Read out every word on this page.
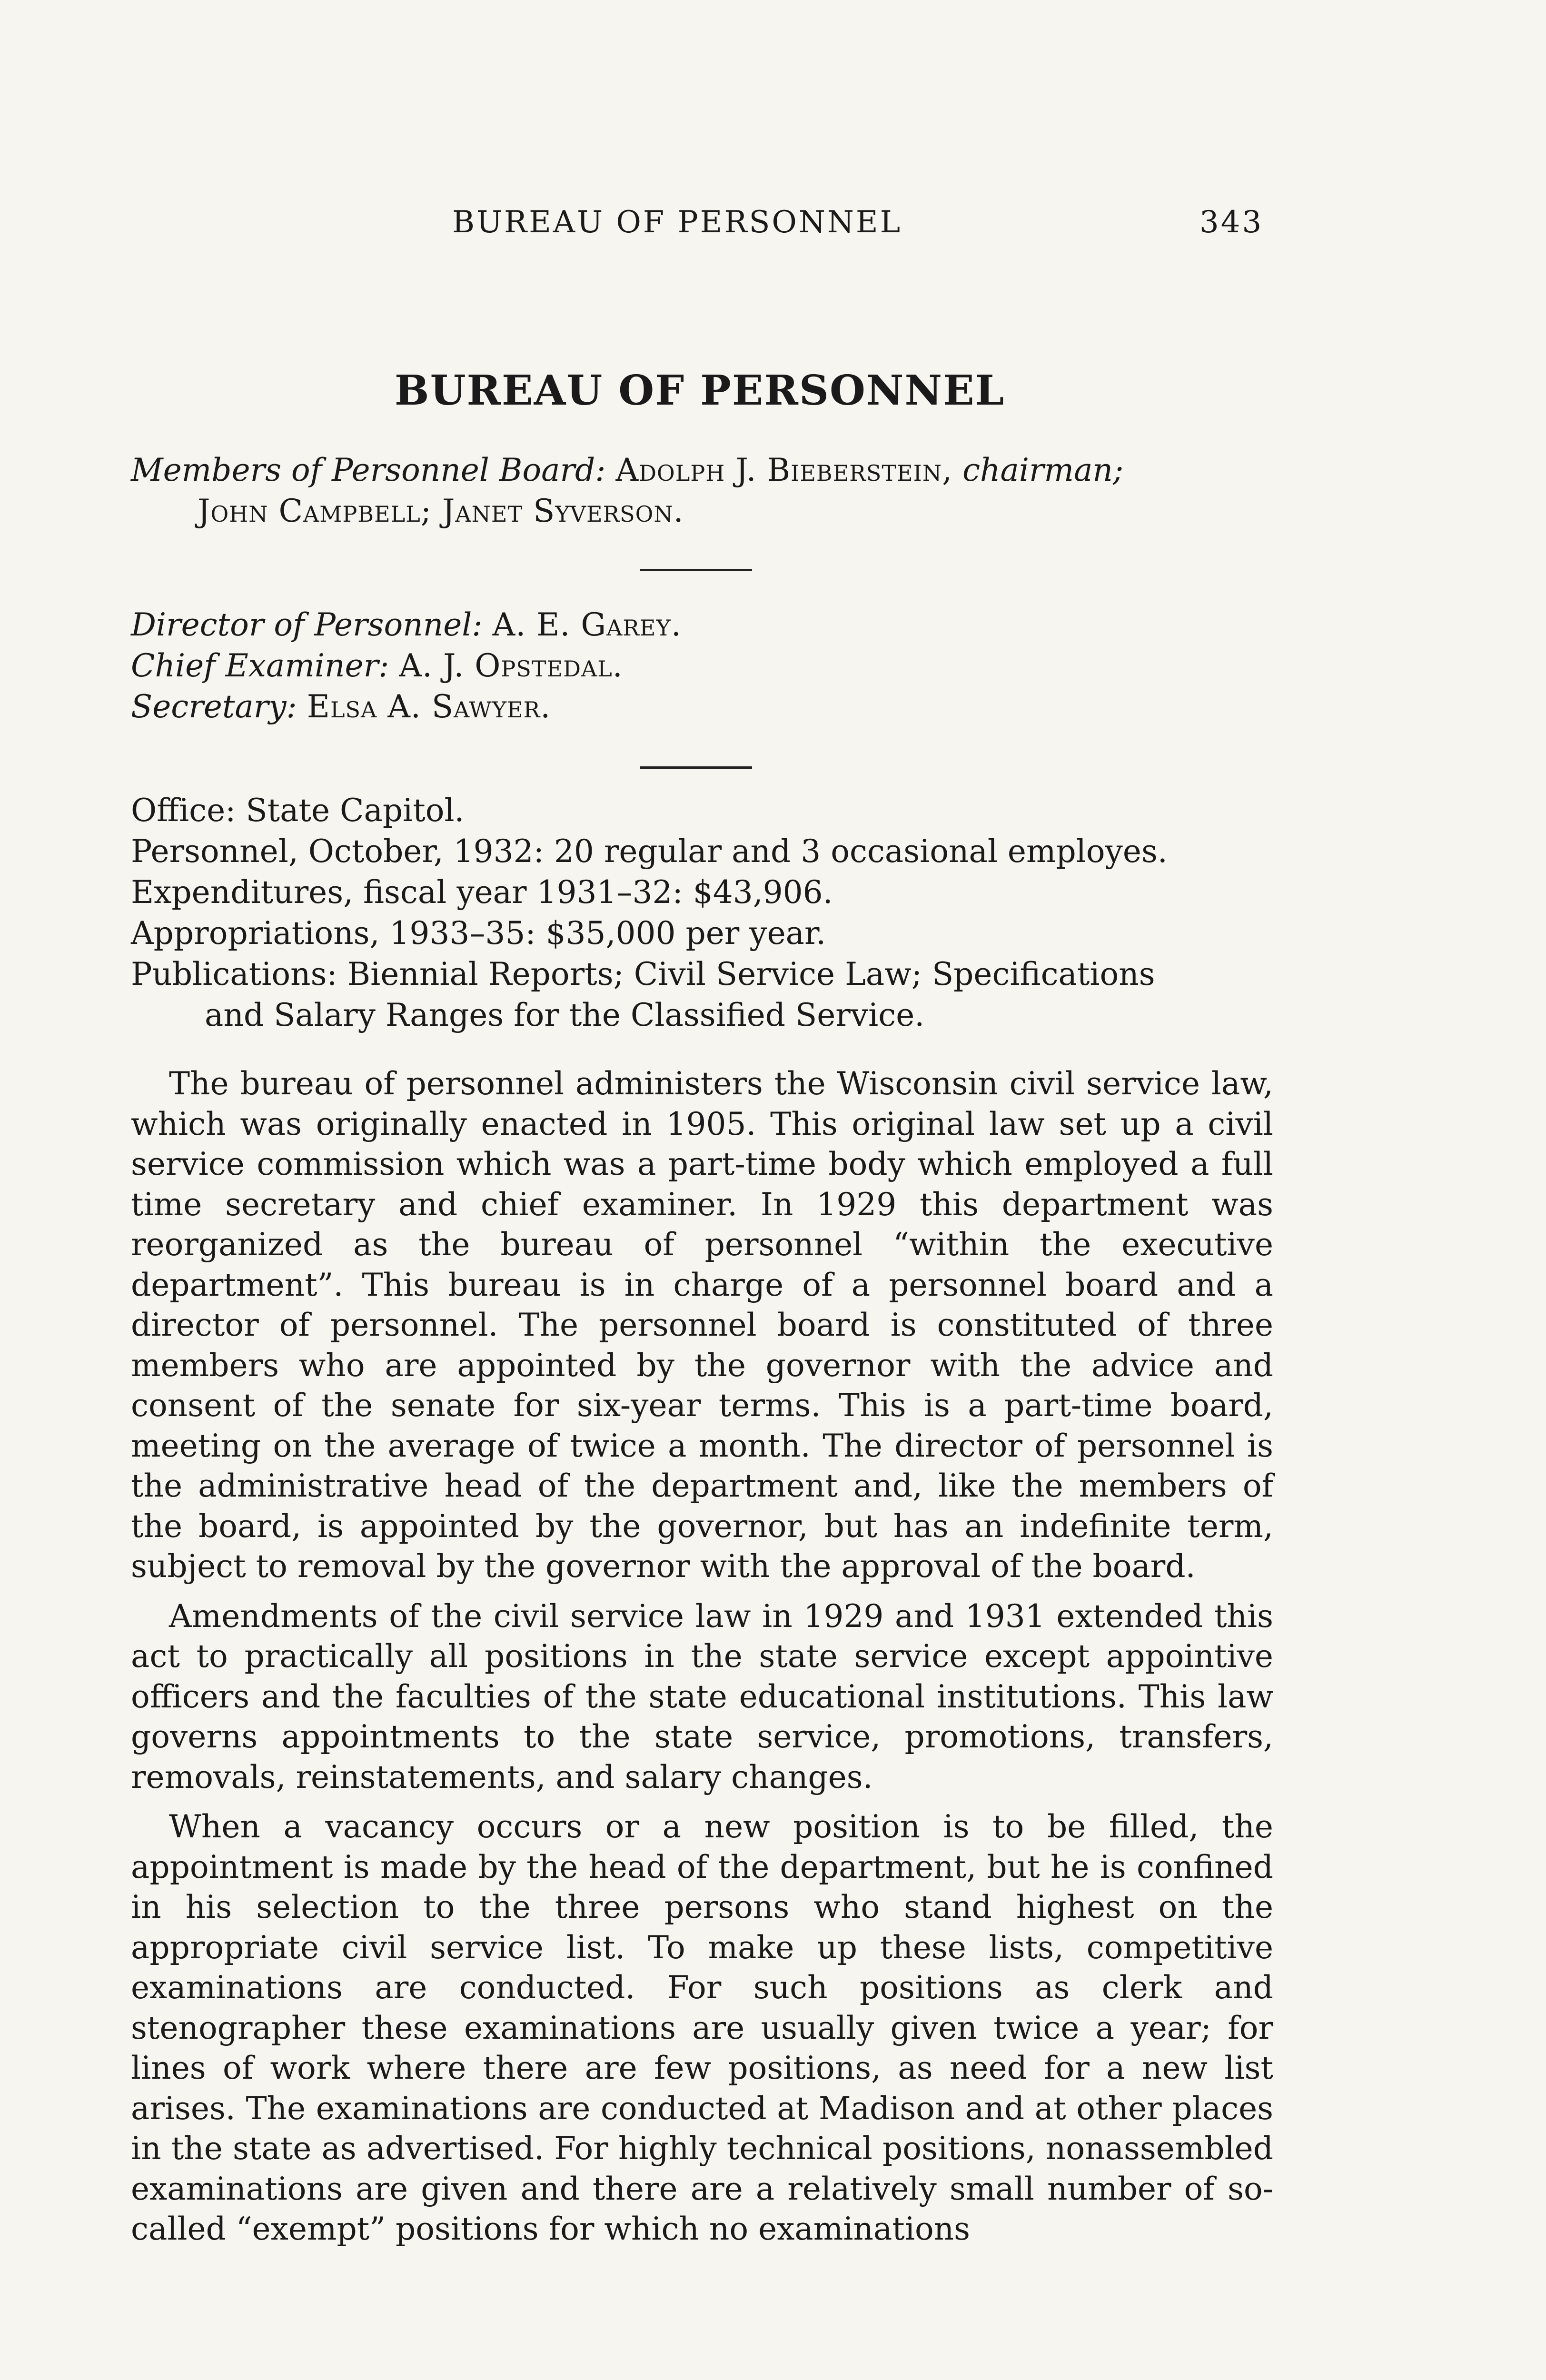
BUREAU OF PERSONNEL	343
BUREAU OF PERSONNEL
Members of Personnel Board: Adolph J. Bieberstein, chairman;
John Campbell; Janet Syverson.
Director of Personnel: A. E. Garey.
Chief Examiner: A. J. Opstedal.
Secretary: Elsa A. Sawyer.
Office: State Capitol.
Personnel, October, 1932: 20 regular and 3 occasional employes.
Expenditures, fiscal year 1931–32: $43,906.
Appropriations, 1933–35: $35,000 per year.
Publications: Biennial Reports; Civil Service Law; Specifications
and Salary Ranges for the Classified Service.

The bureau of personnel administers the Wisconsin civil service law, which was originally enacted in 1905. This original law set up a civil service commission which was a part-time body which employed a full time secretary and chief examiner. In 1929 this department was reorganized as the bureau of personnel “within the executive department”. This bureau is in charge of a personnel board and a director of personnel. The personnel board is constituted of three members who are appointed by the governor with the advice and consent of the senate for six-year terms. This is a part-time board, meeting on the average of twice a month. The director of personnel is the administrative head of the department and, like the members of the board, is appointed by the governor, but has an indefinite term, subject to removal by the governor with the approval of the board.

Amendments of the civil service law in 1929 and 1931 extended this act to practically all positions in the state service except appointive officers and the faculties of the state educational institutions. This law governs appointments to the state service, promotions, transfers, removals, reinstatements, and salary changes.

When a vacancy occurs or a new position is to be filled, the appointment is made by the head of the department, but he is confined in his selection to the three persons who stand highest on the appropriate civil service list. To make up these lists, competitive examinations are conducted. For such positions as clerk and stenographer these examinations are usually given twice a year; for lines of work where there are few positions, as need for a new list arises. The examinations are conducted at Madison and at other places in the state as advertised. For highly technical positions, nonassembled examinations are given and there are a relatively small number of so-called “exempt” positions for which no examinations
